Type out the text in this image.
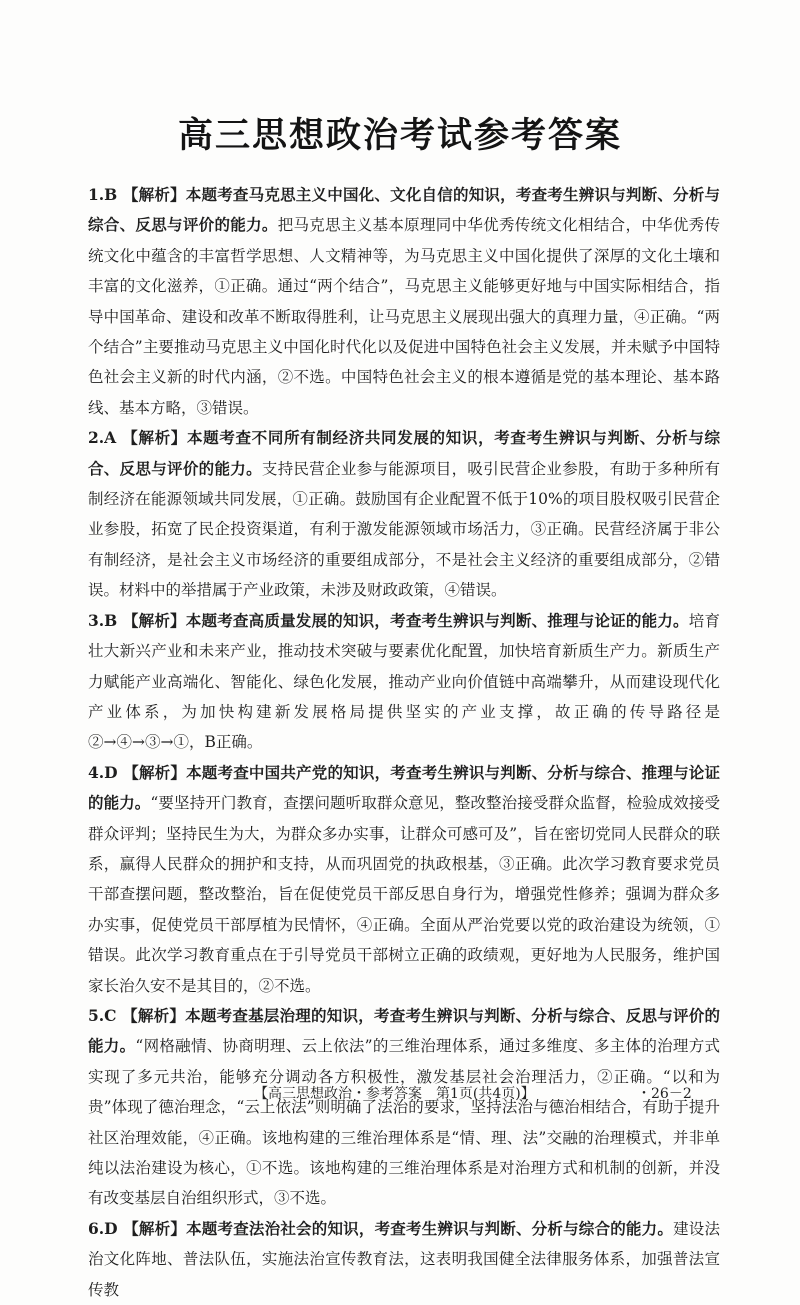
高三思想政治考试参考答案

1.B 【解析】本题考查马克思主义中国化、文化自信的知识，考查考生辨识与判断、分析与综合、反思与评价的能力。把马克思主义基本原理同中华优秀传统文化相结合，中华优秀传统文化中蕴含的丰富哲学思想、人文精神等，为马克思主义中国化提供了深厚的文化土壤和丰富的文化滋养，①正确。通过“两个结合”，马克思主义能够更好地与中国实际相结合，指导中国革命、建设和改革不断取得胜利，让马克思主义展现出强大的真理力量，④正确。“两个结合”主要推动马克思主义中国化时代化以及促进中国特色社会主义发展，并未赋予中国特色社会主义新的时代内涵，②不选。中国特色社会主义的根本遵循是党的基本理论、基本路线、基本方略，③错误。

2.A 【解析】本题考查不同所有制经济共同发展的知识，考查考生辨识与判断、分析与综合、反思与评价的能力。支持民营企业参与能源项目，吸引民营企业参股，有助于多种所有制经济在能源领域共同发展，①正确。鼓励国有企业配置不低于10%的项目股权吸引民营企业参股，拓宽了民企投资渠道，有利于激发能源领域市场活力，③正确。民营经济属于非公有制经济，是社会主义市场经济的重要组成部分，不是社会主义经济的重要组成部分，②错误。材料中的举措属于产业政策，未涉及财政政策，④错误。

3.B 【解析】本题考查高质量发展的知识，考查考生辨识与判断、推理与论证的能力。培育壮大新兴产业和未来产业，推动技术突破与要素优化配置，加快培育新质生产力。新质生产力赋能产业高端化、智能化、绿色化发展，推动产业向价值链中高端攀升，从而建设现代化产业体系，为加快构建新发展格局提供坚实的产业支撑，故正确的传导路径是②→④→③→①，B正确。

4.D 【解析】本题考查中国共产党的知识，考查考生辨识与判断、分析与综合、推理与论证的能力。“要坚持开门教育，查摆问题听取群众意见，整改整治接受群众监督，检验成效接受群众评判；坚持民生为大，为群众多办实事，让群众可感可及”，旨在密切党同人民群众的联系，赢得人民群众的拥护和支持，从而巩固党的执政根基，③正确。此次学习教育要求党员干部查摆问题，整改整治，旨在促使党员干部反思自身行为，增强党性修养；强调为群众多办实事，促使党员干部厚植为民情怀，④正确。全面从严治党要以党的政治建设为统领，①错误。此次学习教育重点在于引导党员干部树立正确的政绩观，更好地为人民服务，维护国家长治久安不是其目的，②不选。

5.C 【解析】本题考查基层治理的知识，考查考生辨识与判断、分析与综合、反思与评价的能力。“网格融情、协商明理、云上依法”的三维治理体系，通过多维度、多主体的治理方式实现了多元共治，能够充分调动各方积极性，激发基层社会治理活力，②正确。“以和为贵”体现了德治理念，“云上依法”则明确了法治的要求，坚持法治与德治相结合，有助于提升社区治理效能，④正确。该地构建的三维治理体系是“情、理、法”交融的治理模式，并非单纯以法治建设为核心，①不选。该地构建的三维治理体系是对治理方式和机制的创新，并没有改变基层自治组织形式，③不选。

6.D 【解析】本题考查法治社会的知识，考查考生辨识与判断、分析与综合的能力。建设法治文化阵地、普法队伍，实施法治宣传教育法，这表明我国健全法律服务体系，加强普法宣传教

【高三思想政治・参考答案　第1页(共4页)】	・26－2
